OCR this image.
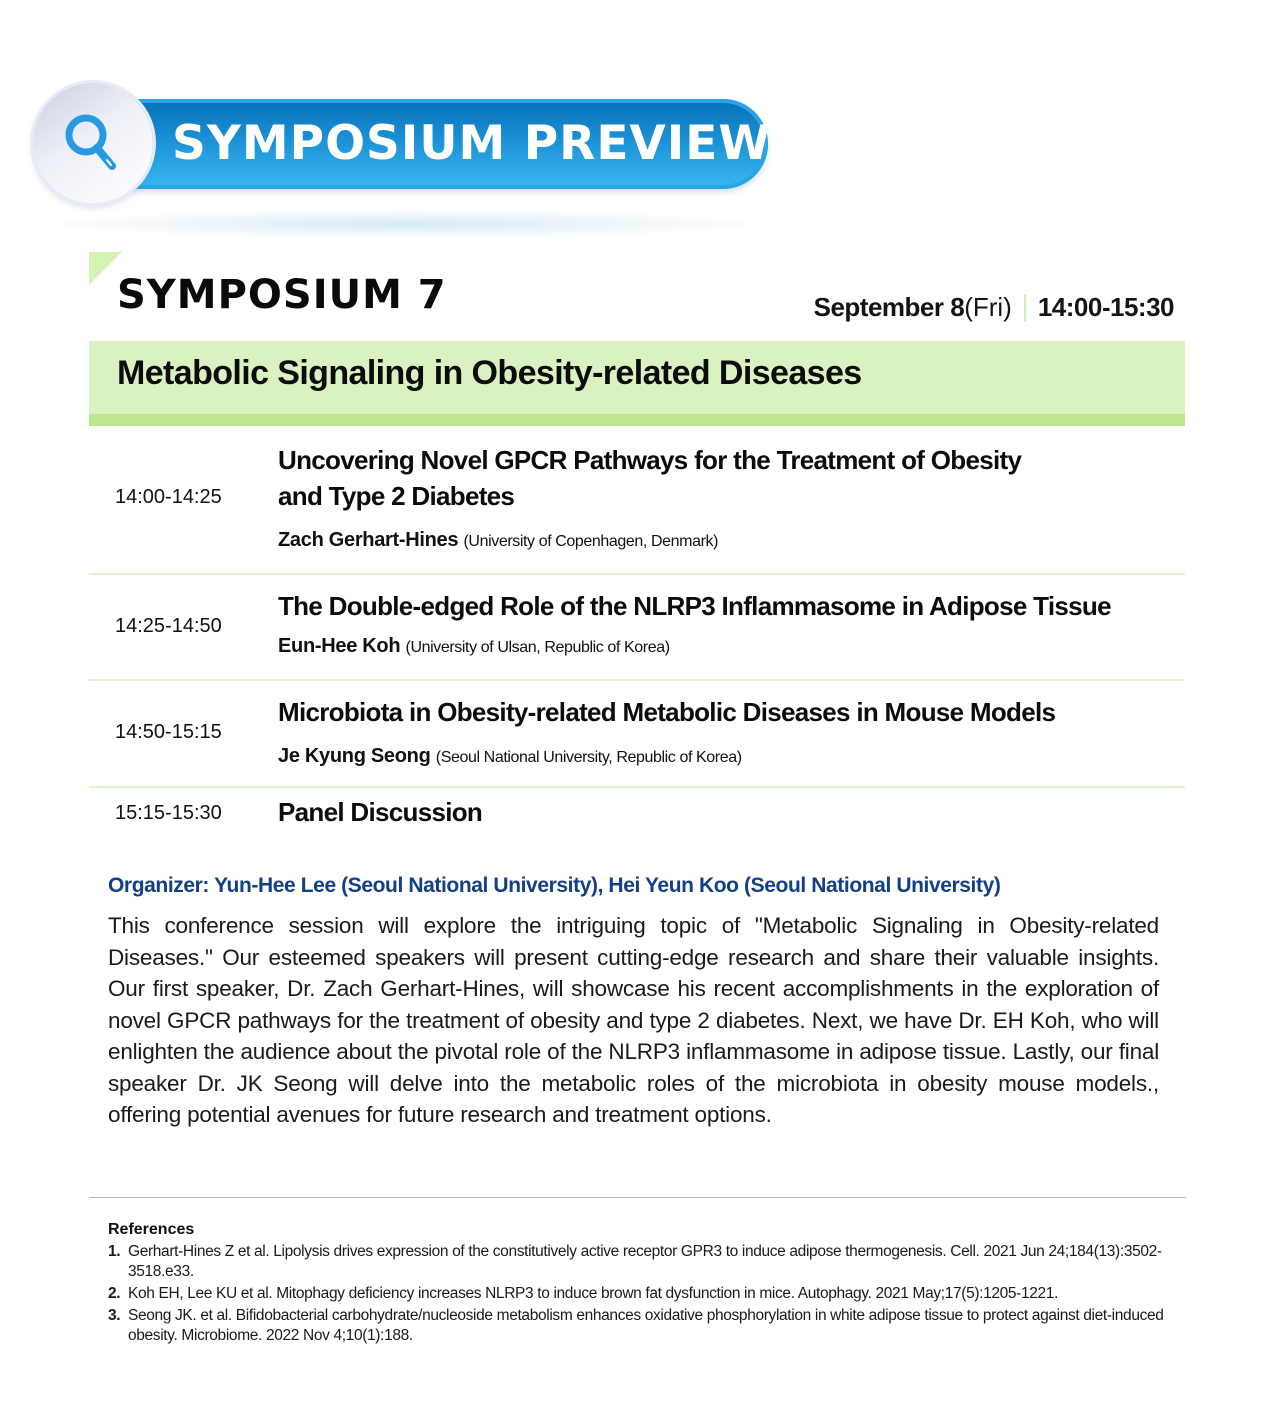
SYMPOSIUM PREVIEW
SYMPOSIUM 7	September 8 (Fri) 14:00-15:30
Metabolic Signaling in Obesity-related Diseases
14:00-14:25
Uncovering Novel GPCR Pathways for the Treatment of Obesity
and Type 2 Diabetes
Zach Gerhart-Hines (University of Copenhagen, Denmark)
14:25-14:50
The Double-edged Role of the NLRP3 Inflammasome in Adipose Tissue
Eun-Hee Koh (University of Ulsan, Republic of Korea)
14:50-15:15
Microbiota in Obesity-related Metabolic Diseases in Mouse Models
Je Kyung Seong (Seoul National University, Republic of Korea)
15:15-15:30 Panel Discussion
Organizer: Yun-Hee Lee (Seoul National University), Hei Yeun Koo (Seoul National University)

This conference session will explore the intriguing topic of "Metabolic Signaling in Obesity-related Diseases." Our esteemed speakers will present cutting-edge research and share their valuable insights. Our first speaker, Dr. Zach Gerhart-Hines, will showcase his recent accomplishments in the exploration of novel GPCR pathways for the treatment of obesity and type 2 diabetes. Next, we have Dr. EH Koh, who will enlighten the audience about the pivotal role of the NLRP3 inflammasome in adipose tissue. Lastly, our final speaker Dr. JK Seong will delve into the metabolic roles of the microbiota in obesity mouse models., offering potential avenues for future research and treatment options.

References
1. Gerhart-Hines Z et al. Lipolysis drives expression of the constitutively active receptor GPR3 to induce adipose thermogenesis. Cell. 2021 Jun 24;184(13):3502-3518.e33.
2. Koh EH, Lee KU et al. Mitophagy deficiency increases NLRP3 to induce brown fat dysfunction in mice. Autophagy. 2021 May;17(5):1205-1221.
3. Seong JK. et al. Bifidobacterial carbohydrate/nucleoside metabolism enhances oxidative phosphorylation in white adipose tissue to protect against diet-induced obesity. Microbiome. 2022 Nov 4;10(1):188.
